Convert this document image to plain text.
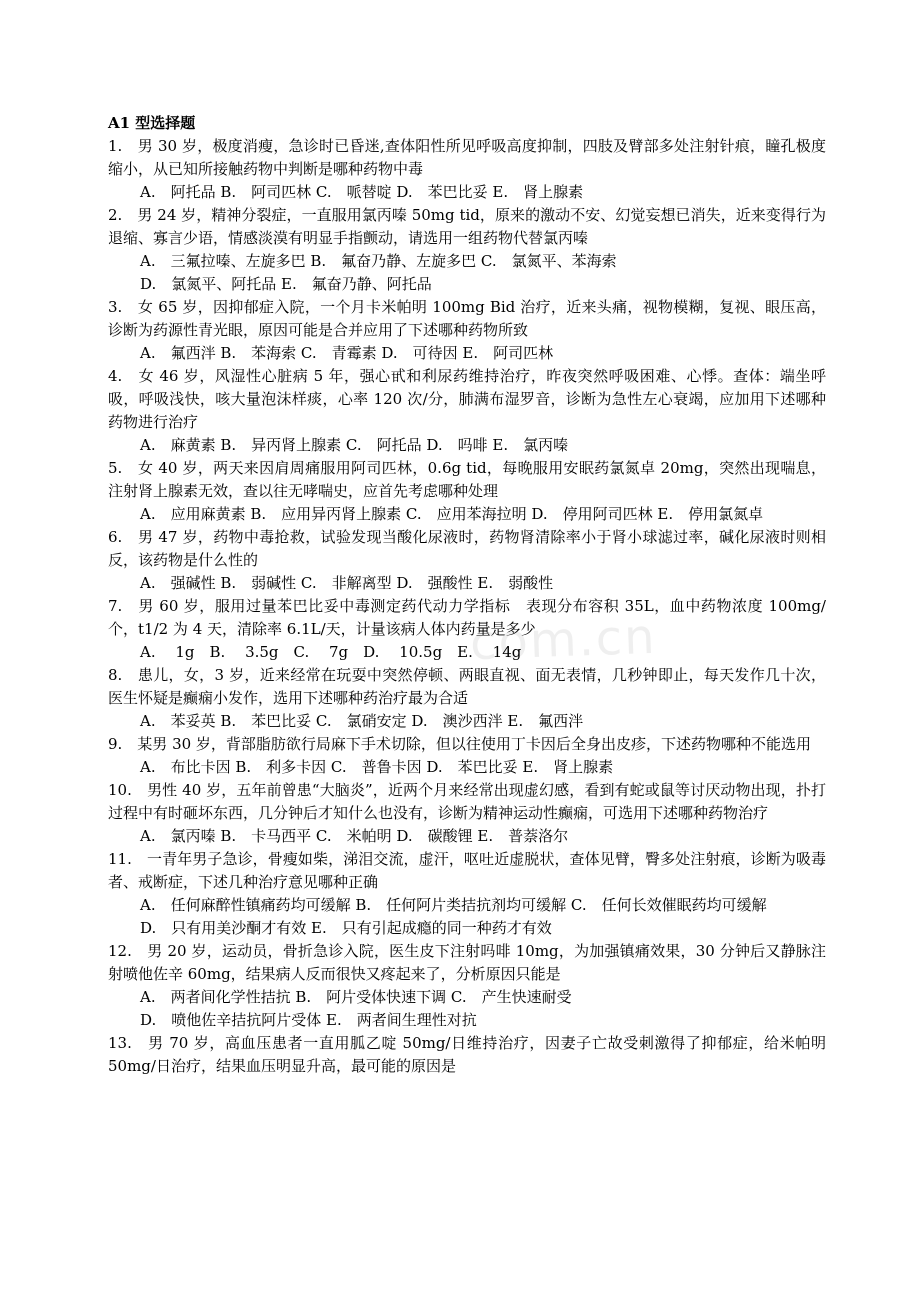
com.cn

A1 型选择题

1.　男 30 岁，极度消瘦，急诊时已昏迷,查体阳性所见呼吸高度抑制，四肢及臂部多处注射针痕，瞳孔极度缩小，从已知所接触药物中判断是哪种药物中毒

A.　阿托品 B.　阿司匹林 C.　哌替啶 D.　苯巴比妥 E.　肾上腺素

2.　男 24 岁，精神分裂症，一直服用氯丙嗪 50mg tid，原来的激动不安、幻觉妄想已消失，近来变得行为退缩、寡言少语，情感淡漠有明显手指颤动，请选用一组药物代替氯丙嗪

A.　三氟拉嗪、左旋多巴 B.　氟奋乃静、左旋多巴 C.　氯氮平、苯海索

D.　氯氮平、阿托品 E.　氟奋乃静、阿托品

3.　女 65 岁，因抑郁症入院，一个月卡米帕明 100mg Bid 治疗，近来头痛，视物模糊，复视、眼压高，诊断为药源性青光眼，原因可能是合并应用了下述哪种药物所致

A.　氟西泮 B.　苯海索 C.　青霉素 D.　可待因 E.　阿司匹林

4.　女 46 岁，风湿性心脏病 5 年，强心甙和利尿药维持治疗，昨夜突然呼吸困难、心悸。查体：端坐呼吸，呼吸浅快，咳大量泡沫样痰，心率 120 次/分，肺满布湿罗音，诊断为急性左心衰竭，应加用下述哪种药物进行治疗

A.　麻黄素 B.　异丙肾上腺素 C.　阿托品 D.　吗啡 E.　氯丙嗪

5.　女 40 岁，两天来因肩周痛服用阿司匹林，0.6g tid，每晚服用安眠药氯氮卓 20mg，突然出现喘息，注射肾上腺素无效，查以往无哮喘史，应首先考虑哪种处理

A.　应用麻黄素 B.　应用异丙肾上腺素 C.　应用苯海拉明 D.　停用阿司匹林 E.　停用氯氮卓

6.　男 47 岁，药物中毒抢救，试验发现当酸化尿液时，药物肾清除率小于肾小球滤过率，碱化尿液时则相反，该药物是什么性的

A.　强碱性 B.　弱碱性 C.　非解离型 D.　强酸性 E.　弱酸性

7.　男 60 岁，服用过量苯巴比妥中毒测定药代动力学指标　表现分布容积 35L，血中药物浓度 100mg/个，t1/2 为 4 天，清除率 6.1L/天，计量该病人体内药量是多少

A.　 1g　B.　 3.5g　C.　 7g　D.　 10.5g　E.　 14g

8.　患儿，女，3 岁，近来经常在玩耍中突然停顿、两眼直视、面无表情，几秒钟即止，每天发作几十次，医生怀疑是癫痫小发作，选用下述哪种药治疗最为合适

A.　苯妥英 B.　苯巴比妥 C.　氯硝安定 D.　澳沙西泮 E.　氟西泮

9.　某男 30 岁，背部脂肪欲行局麻下手术切除，但以往使用丁卡因后全身出皮疹，下述药物哪种不能选用

A.　布比卡因 B.　利多卡因 C.　普鲁卡因 D.　苯巴比妥 E.　肾上腺素

10.　男性 40 岁，五年前曾患“大脑炎”，近两个月来经常出现虚幻感，看到有蛇或鼠等讨厌动物出现，扑打过程中有时砸坏东西，几分钟后才知什么也没有，诊断为精神运动性癫痫，可选用下述哪种药物治疗

A.　氯丙嗪 B.　卡马西平 C.　米帕明 D.　碳酸锂 E.　普萘洛尔

11.　一青年男子急诊，骨瘦如柴，涕泪交流，虚汗，呕吐近虚脱状，查体见臂，臀多处注射痕，诊断为吸毒者、戒断症，下述几种治疗意见哪种正确

A.　任何麻醉性镇痛药均可缓解 B.　任何阿片类拮抗剂均可缓解 C.　任何长效催眠药均可缓解

D.　只有用美沙酮才有效 E.　只有引起成瘾的同一种药才有效

12.　男 20 岁，运动员，骨折急诊入院，医生皮下注射吗啡 10mg，为加强镇痛效果，30 分钟后又静脉注射喷他佐辛 60mg，结果病人反而很快又疼起来了，分析原因只能是

A.　两者间化学性拮抗 B.　阿片受体快速下调 C.　产生快速耐受

D.　喷他佐辛拮抗阿片受体 E.　两者间生理性对抗

13.　男 70 岁，高血压患者一直用胍乙啶 50mg/日维持治疗，因妻子亡故受刺激得了抑郁症，给米帕明 50mg/日治疗，结果血压明显升高，最可能的原因是
